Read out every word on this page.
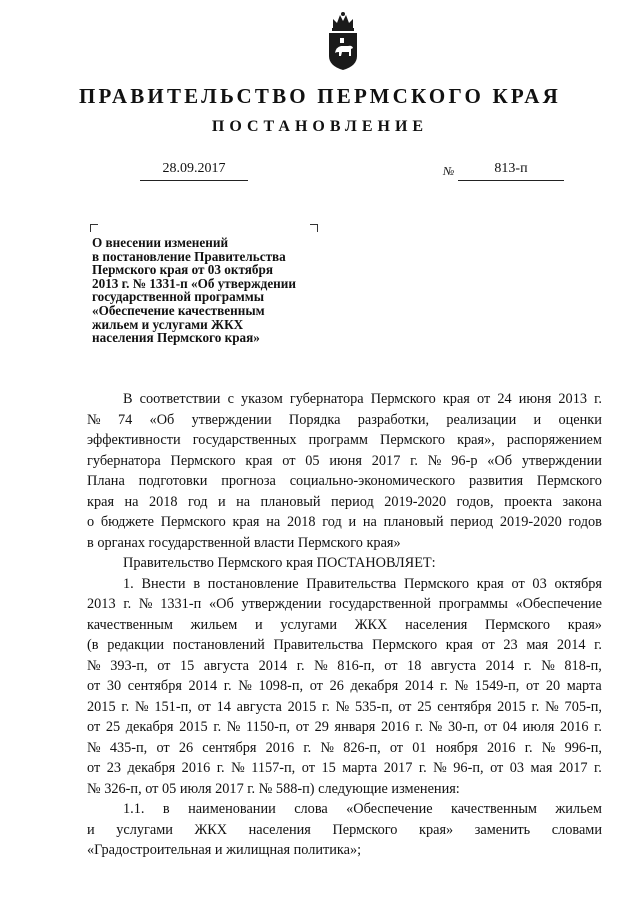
ПРАВИТЕЛЬСТВО ПЕРМСКОГО КРАЯ
ПОСТАНОВЛЕНИЕ
28.09.2017	№	813-п
О внесении изменений
в постановление Правительства
Пермского края от 03 октября
2013 г. № 1331-п «Об утверждении
государственной программы
«Обеспечение качественным
жильем и услугами ЖКХ
населения Пермского края»
В соответствии с указом губернатора Пермского края от 24 июня 2013 г.
№ 74 «Об утверждении Порядка разработки, реализации и оценки
эффективности государственных программ Пермского края», распоряжением
губернатора Пермского края от 05 июня 2017 г. № 96-р «Об утверждении
Плана подготовки прогноза социально-экономического развития Пермского
края на 2018 год и на плановый период 2019-2020 годов, проекта закона
о бюджете Пермского края на 2018 год и на плановый период 2019-2020 годов
в органах государственной власти Пермского края»
Правительство Пермского края ПОСТАНОВЛЯЕТ:
1. Внести в постановление Правительства Пермского края от 03 октября
2013 г. № 1331-п «Об утверждении государственной программы «Обеспечение
качественным жильем и услугами ЖКХ населения Пермского края»
(в редакции постановлений Правительства Пермского края от 23 мая 2014 г.
№ 393-п, от 15 августа 2014 г. № 816-п, от 18 августа 2014 г. № 818-п,
от 30 сентября 2014 г. № 1098-п, от 26 декабря 2014 г. № 1549-п, от 20 марта
2015 г. № 151-п, от 14 августа 2015 г. № 535-п, от 25 сентября 2015 г. № 705-п,
от 25 декабря 2015 г. № 1150-п, от 29 января 2016 г. № 30-п, от 04 июля 2016 г.
№ 435-п, от 26 сентября 2016 г. № 826-п, от 01 ноября 2016 г. № 996-п,
от 23 декабря 2016 г. № 1157-п, от 15 марта 2017 г. № 96-п, от 03 мая 2017 г.
№ 326-п, от 05 июля 2017 г. № 588-п) следующие изменения:
1.1. в наименовании слова «Обеспечение качественным жильем
и услугами ЖКХ населения Пермского края» заменить словами
«Градостроительная и жилищная политика»;
